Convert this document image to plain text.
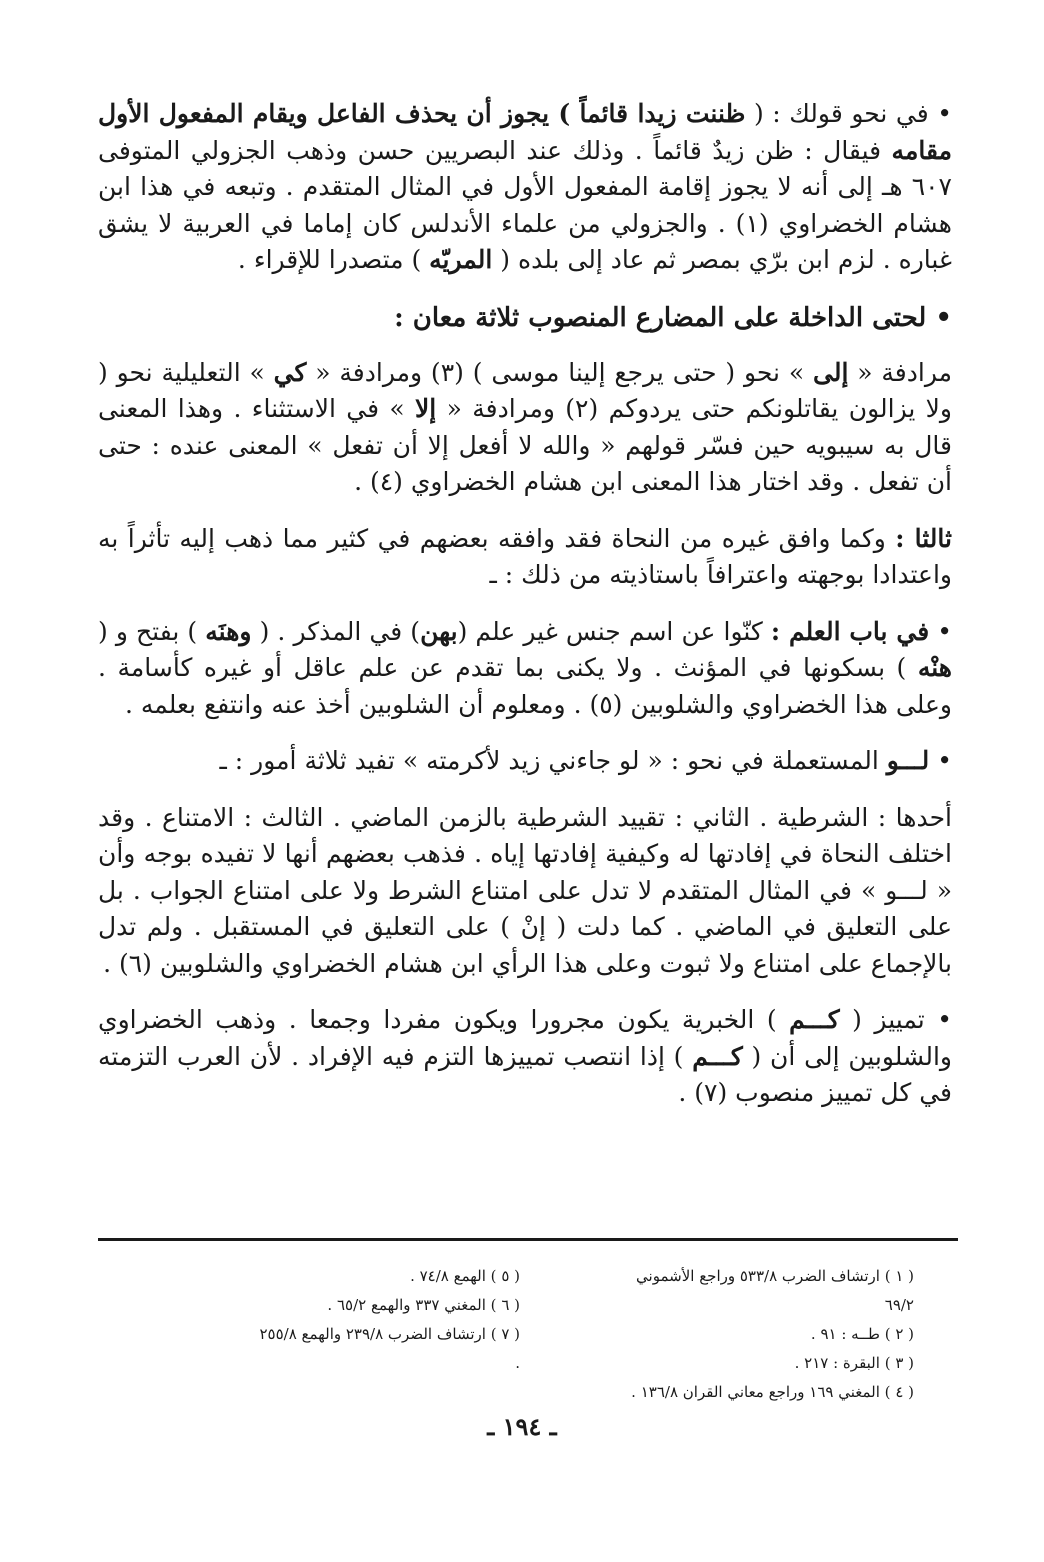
• في نحو قولك : ( ظننت زيدا قائماً ) يجوز أن يحذف الفاعل ويقام المفعول الأول مقامه فيقال : ظن زيدٌ قائماً . وذلك عند البصريين حسن وذهب الجزولي المتوفى ٦٠٧ هـ إلى أنه لا يجوز إقامة المفعول الأول في المثال المتقدم . وتبعه في هذا ابن هشام الخضراوي (١) . والجزولي من علماء الأندلس كان إماما في العربية لا يشق غباره . لزم ابن برّي بمصر ثم عاد إلى بلده ( المريّه ) متصدرا للإقراء .

• لحتى الداخلة على المضارع المنصوب ثلاثة معان :

مرادفة « إلى » نحو ( حتى يرجع إلينا موسى ) (٣) ومرادفة « كي » التعليلية نحو ( ولا يزالون يقاتلونكم حتى يردوكم (٢) ومرادفة « إلا » في الاستثناء . وهذا المعنى قال به سيبويه حين فسّر قولهم « والله لا أفعل إلا أن تفعل » المعنى عنده : حتى أن تفعل . وقد اختار هذا المعنى ابن هشام الخضراوي (٤) .

ثالثا : وكما وافق غيره من النحاة فقد وافقه بعضهم في كثير مما ذهب إليه تأثراً به واعتدادا بوجهته واعترافاً باستاذيته من ذلك : ـ

• في باب العلم : كنّوا عن اسم جنس غير علم (بهن) في المذكر . ( وهنَه ) بفتح و ( هنْه ) بسكونها في المؤنث . ولا يكنى بما تقدم عن علم عاقل أو غيره كأسامة . وعلى هذا الخضراوي والشلوبين (٥) . ومعلوم أن الشلوبين أخذ عنه وانتفع بعلمه .

• لـــو المستعملة في نحو : « لو جاءني زيد لأكرمته » تفيد ثلاثة أمور : ـ

أحدها : الشرطية . الثاني : تقييد الشرطية بالزمن الماضي . الثالث : الامتناع . وقد اختلف النحاة في إفادتها له وكيفية إفادتها إياه . فذهب بعضهم أنها لا تفيده بوجه وأن « لـــو » في المثال المتقدم لا تدل على امتناع الشرط ولا على امتناع الجواب . بل على التعليق في الماضي . كما دلت ( إنْ ) على التعليق في المستقبل . ولم تدل بالإجماع على امتناع ولا ثبوت وعلى هذا الرأي ابن هشام الخضراوي والشلوبين (٦) .

• تمييز ( كـــم ) الخبرية يكون مجرورا ويكون مفردا وجمعا . وذهب الخضراوي والشلوبين إلى أن ( كـــم ) إذا انتصب تمييزها التزم فيه الإفراد . لأن العرب التزمته في كل تمييز منصوب (٧) .

( ١ ) ارتشاف الضرب ٥٣٣/٨ وراجع الأشموني ٦٩/٢
( ٢ ) طــه : ٩١ .
( ٣ ) البقرة : ٢١٧ .
( ٤ ) المغني ١٦٩ وراجع معاني القران ١٣٦/٨ .
( ٥ ) الهمع ٧٤/٨ .
( ٦ ) المغني ٣٣٧ والهمع ٦٥/٢ .
( ٧ ) ارتشاف الضرب ٢٣٩/٨ والهمع ٢٥٥/٨ .
ـ ١٩٤ ـ
